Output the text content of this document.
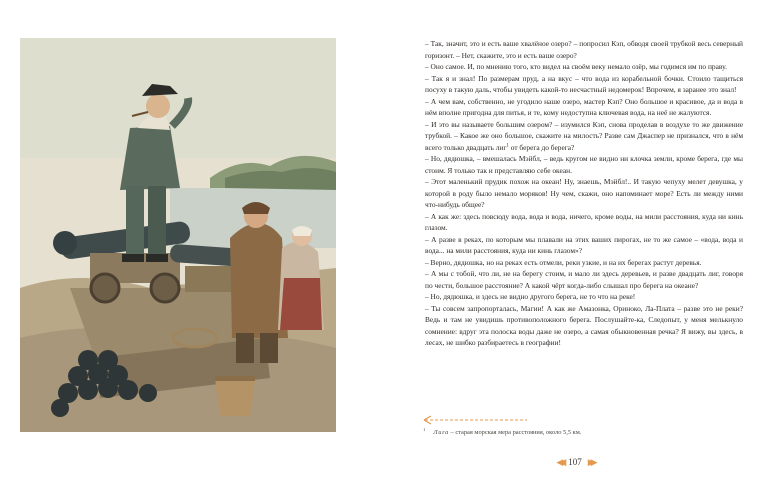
– Так, значит, это и есть ваше хвалёное озеро? – попросил Кэп, обводя своей трубкой весь северный горизонт. – Нет, скажите, это и есть ваше озеро?

– Оно самое. И, по мнению того, кто видел на своём веку немало озёр, мы годимся им по праву.

– Так я и знал! По размерам пруд, а на вкус – что вода из корабельной бочки. Стоило тащиться посуху в такую даль, чтобы увидеть какой-то несчастный недомерок! Впрочем, я заранее это знал!

– А чем вам, собственно, не угодило наше озеро, мастер Кэп? Оно большое и красивое, да и вода в нём вполне пригодна для питья, и те, кому недоступна ключевая вода, на неё не жалуются.

– И это вы называете большим озером? – изумился Кэп, снова проделав в воздухе то же движение трубкой. – Какое же оно большое, скажите на милость? Разве сам Джаспер не признался, что в нём всего только двадцать лиг$^1$ от берега до берега?

– Но, дядюшка, – вмешалась Мэйбл, – ведь кругом не видно ни клочка земли, кроме берега, где мы стоим. Я только так и представляю себе океан.

– Этот маленький прудик похож на океан! Ну, знаешь, Мэйбл!.. И такую чепуху мелет девушка, у которой в роду было немало моряков! Ну чем, скажи, оно напоминает море? Есть ли между ними что-нибудь общее?

– А как же: здесь повсюду вода, вода и вода, ничего, кроме воды, на мили расстояния, куда ни кинь глазом.

– А разве в реках, по которым мы плавали на этих ваших пирогах, не то же самое – «вода, вода и вода... на мили расстояния, куда ни кинь глазом»?

– Верно, дядюшка, но на реках есть отмели, реки узкие, и на их берегах растут деревья.

– А мы с тобой, что ли, не на берегу стоим, и мало ли здесь деревьев, и разве двадцать лиг, говоря по чести, большое расстояние? А какой чёрт когда-либо слышал про берега на океане?

– Но, дядюшка, и здесь не видно другого берега, не то что на реке!

– Ты совсем запропорталась, Магии! А как же Амазонка, Ориноко, Ла-Плата – разве это не реки? Ведь и там не увидишь противоположного берега. Послушайте-ка, Следопыт, у меня мелькнуло сомнение: вдруг эта полоска воды даже не озеро, а самая обыкновенная речка? Я вижу, вы здесь, в лесах, не шибко разбираетесь в географии!

$^1$ Лига – старая морская мера расстояния, около 5,5 км.
◀◀ 107 ▶▶
